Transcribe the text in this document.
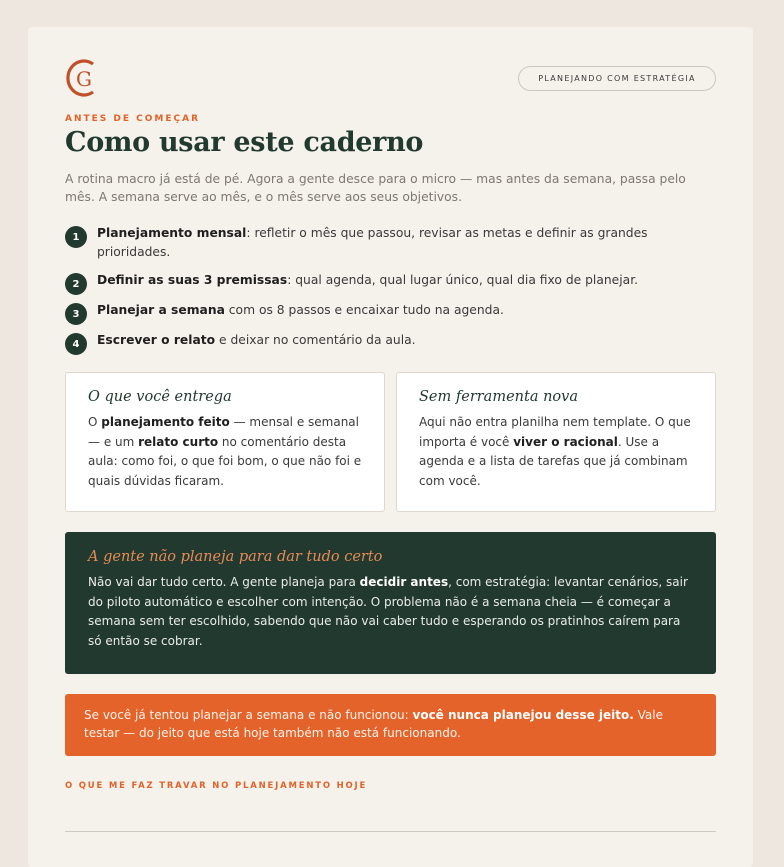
G	PLANEJANDO COM ESTRATÉGIA
ANTES DE COMEÇAR
Como usar este caderno

A rotina macro já está de pé. Agora a gente desce para o micro — mas antes da semana, passa pelo mês. A semana serve ao mês, e o mês serve aos seus objetivos.

1	Planejamento mensal: refletir o mês que passou, revisar as metas e definir as grandes prioridades.
2	Definir as suas 3 premissas: qual agenda, qual lugar único, qual dia fixo de planejar.
3	Planejar a semana com os 8 passos e encaixar tudo na agenda.
4	Escrever o relato e deixar no comentário da aula.
O que você entrega

O planejamento feito — mensal e semanal — e um relato curto no comentário desta aula: como foi, o que foi bom, o que não foi e quais dúvidas ficaram.

Sem ferramenta nova

Aqui não entra planilha nem template. O que importa é você viver o racional. Use a agenda e a lista de tarefas que já combinam com você.

A gente não planeja para dar tudo certo

Não vai dar tudo certo. A gente planeja para decidir antes, com estratégia: levantar cenários, sair do piloto automático e escolher com intenção. O problema não é a semana cheia — é começar a semana sem ter escolhido, sabendo que não vai caber tudo e esperando os pratinhos caírem para só então se cobrar.

Se você já tentou planejar a semana e não funcionou: você nunca planejou desse jeito. Vale testar — do jeito que está hoje também não está funcionando.
O QUE ME FAZ TRAVAR NO PLANEJAMENTO HOJE
